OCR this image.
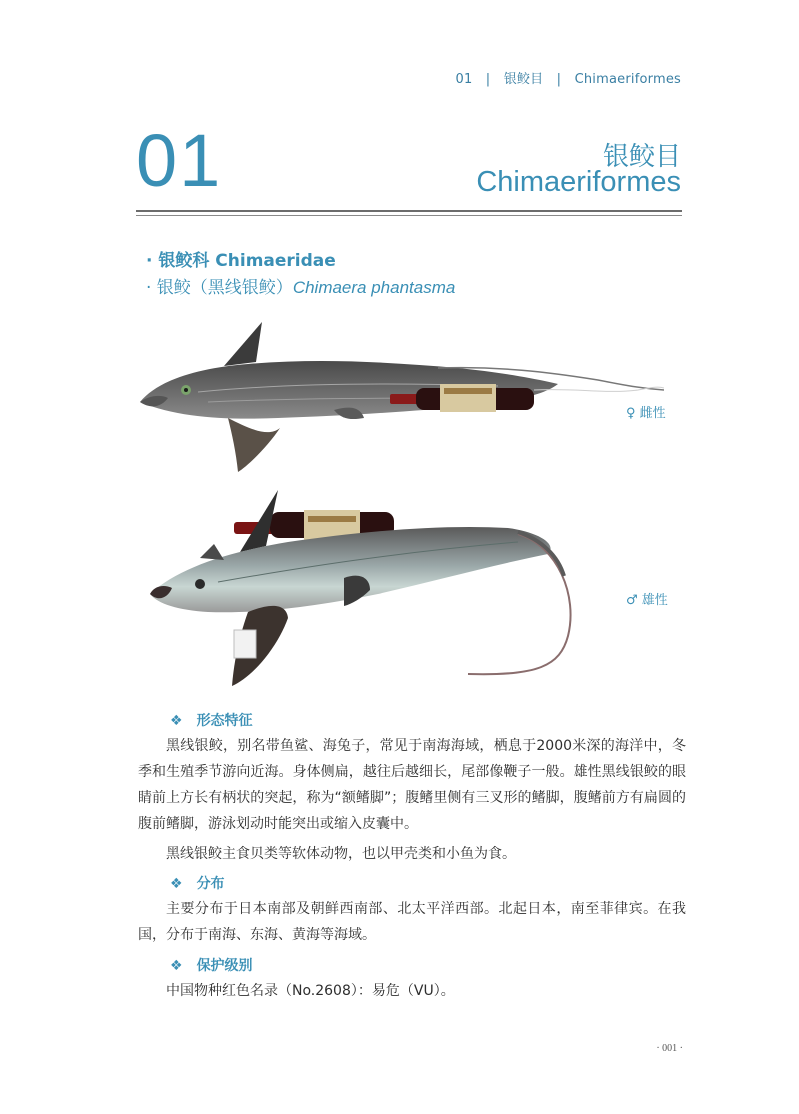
01 | 银鲛目 | Chimaeriformes
01	银鲛目
Chimaeriformes
· 银鲛科 Chimaeridae
· 银鲛（黑线银鲛）Chimaera phantasma
♀ 雌性
♂ 雄性
❖ 形态特征
黑线银鲛，别名带鱼鲨、海兔子，常见于南海海域，栖息于2000米深的海洋中，冬季和生殖季节游向近海。身体侧扁，越往后越细长，尾部像鞭子一般。雄性黑线银鲛的眼睛前上方长有柄状的突起，称为“额鳍脚”；腹鳍里侧有三叉形的鳍脚，腹鳍前方有扁圆的腹前鳍脚，游泳划动时能突出或缩入皮囊中。
黑线银鲛主食贝类等软体动物，也以甲壳类和小鱼为食。
❖ 分布
主要分布于日本南部及朝鲜西南部、北太平洋西部。北起日本，南至菲律宾。在我国，分布于南海、东海、黄海等海域。
❖ 保护级别
中国物种红色名录（No.2608）：易危（VU）。
· 001 ·
